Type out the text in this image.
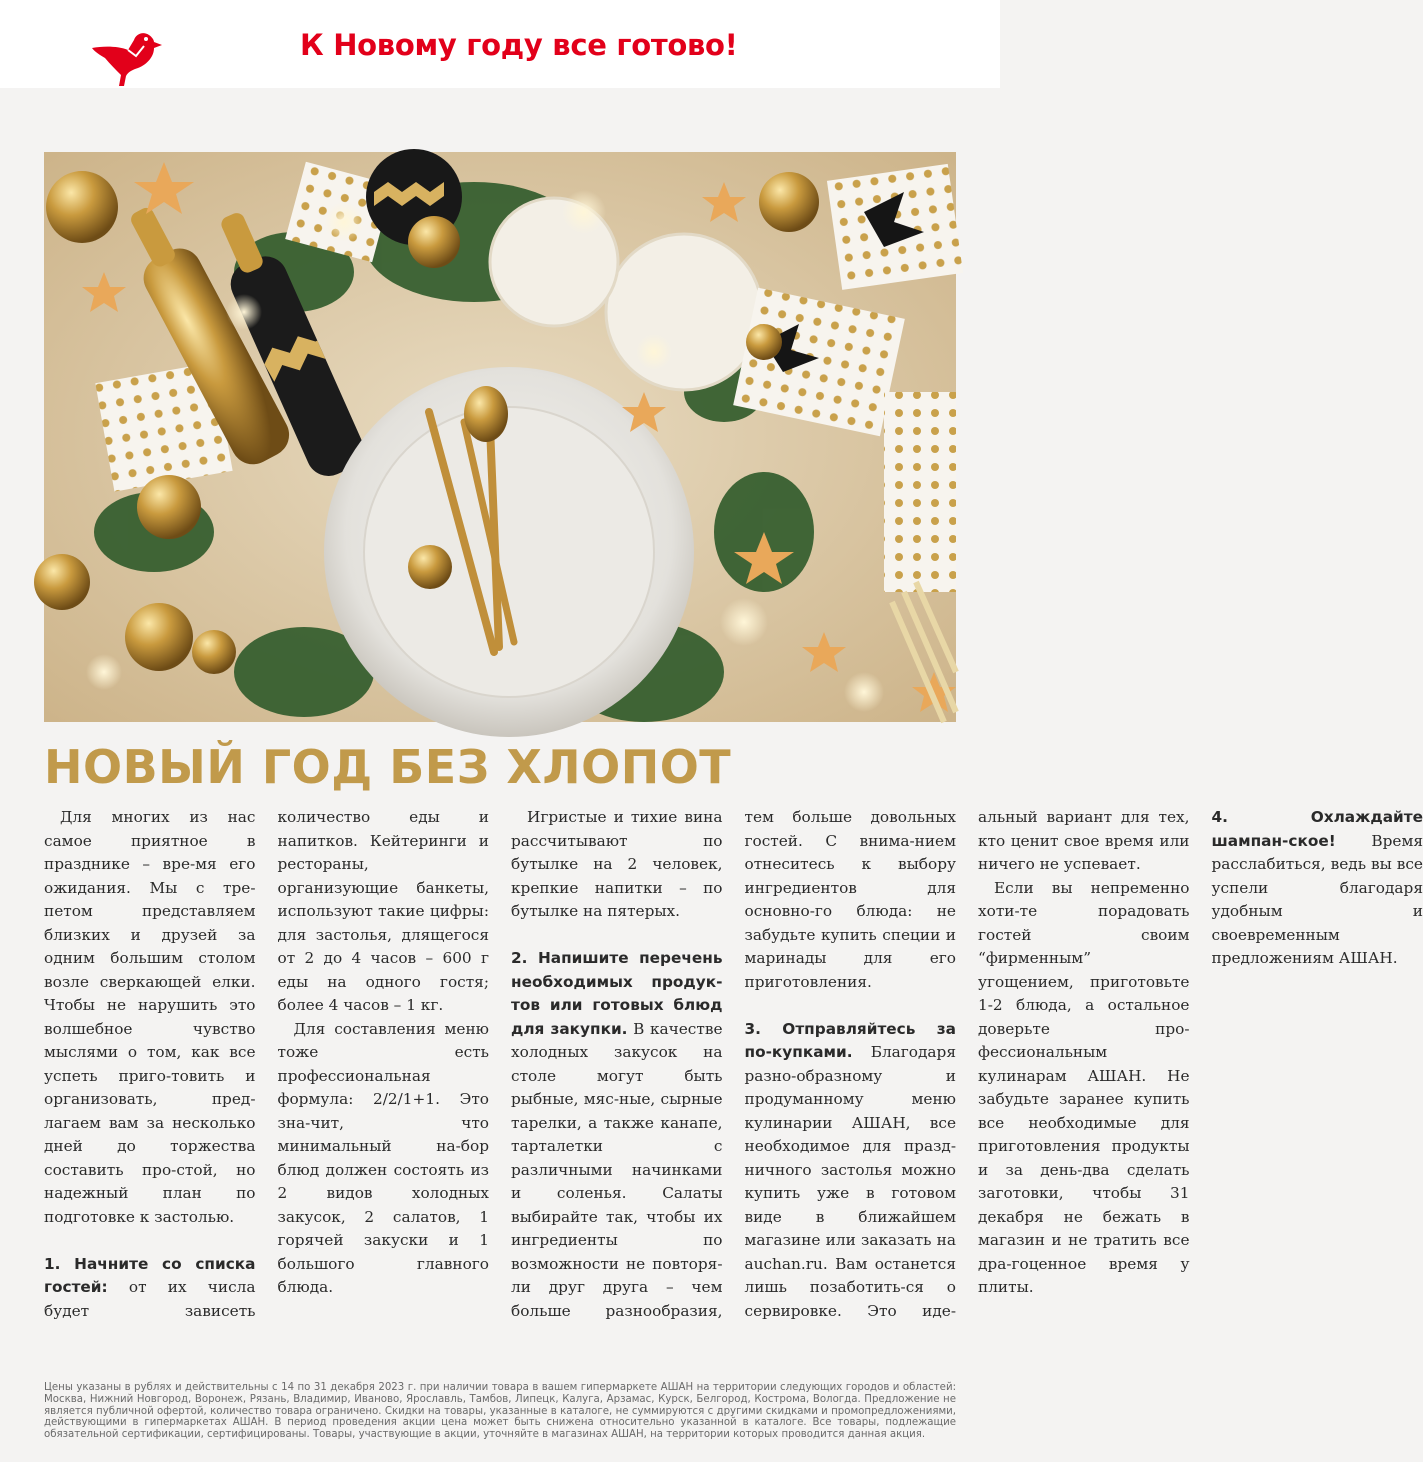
К Новому году все готово!
НОВЫЙ ГОД БЕЗ ХЛОПОТ

Для многих из нас самое приятное в празднике – вре-мя его ожидания. Мы с тре-петом представляем близких и друзей за одним большим столом возле сверкающей елки. Чтобы не нарушить это волшебное чувство мыслями о том, как все успеть приго-товить и организовать, пред-лагаем вам за несколько дней до торжества составить про-стой, но надежный план по подготовке к застолью.

1. Начните со списка гостей: от их числа будет зависеть количество еды и напитков. Кейтеринги и рестораны, организующие банкеты, используют такие цифры: для застолья, длящегося от 2 до 4 часов – 600 г еды на одного гостя; более 4 часов – 1 кг.

Для составления меню тоже есть профессиональная формула: 2/2/1+1. Это зна-чит, что минимальный на-бор блюд должен состоять из 2 видов холодных закусок, 2 салатов, 1 горячей закуски и 1 большого главного блюда.

Игристые и тихие вина рассчитывают по бутылке на 2 человек, крепкие напитки – по бутылке на пятерых.

2. Напишите перечень необходимых продук-тов или готовых блюд для закупки. В качестве холодных закусок на столе могут быть рыбные, мяс-ные, сырные тарелки, а также канапе, тарталетки с различными начинками и соленья. Салаты выбирайте так, чтобы их ингредиенты по возможности не повторя-ли друг друга – чем больше разнообразия, тем больше довольных гостей. С внима-нием отнеситесь к выбору ингредиентов для основно-го блюда: не забудьте купить специи и маринады для его приготовления.

3. Отправляйтесь за по-купками. Благодаря разно-образному и продуманному меню кулинарии АШАН, все необходимое для празд-ничного застолья можно купить уже в готовом виде в ближайшем магазине или заказать на auchan.ru. Вам останется лишь позаботить-ся о сервировке. Это иде-альный вариант для тех, кто ценит свое время или ничего не успевает.

Если вы непременно хоти-те порадовать гостей своим “фирменным” угощением, приготовьте 1-2 блюда, а остальное доверьте про-фессиональным кулинарам АШАН. Не забудьте заранее купить все необходимые для приготовления продукты и за день-два сделать заготовки, чтобы 31 декабря не бежать в магазин и не тратить все дра-гоценное время у плиты.

4. Охлаждайте шампан-ское! Время расслабиться, ведь вы все успели благодаря удобным и своевременным предложениям АШАН.

Цены указаны в рублях и действительны с 14 по 31 декабря 2023 г. при наличии товара в вашем гипермаркете АШАН на территории следующих городов и областей: Москва, Нижний Новгород, Воронеж, Рязань, Владимир, Иваново, Ярославль, Тамбов, Липецк, Калуга, Арзамас, Курск, Белгород, Кострома, Вологда. Предложение не является публичной офертой, количество товара ограничено. Скидки на товары, указанные в каталоге, не суммируются с другими скидками и промопредложениями, действующими в гипермаркетах АШАН. В период проведения акции цена может быть снижена относительно указанной в каталоге. Все товары, подлежащие обязательной сертификации, сертифицированы. Товары, участвующие в акции, уточняйте в магазинах АШАН, на территории которых проводится данная акция.
